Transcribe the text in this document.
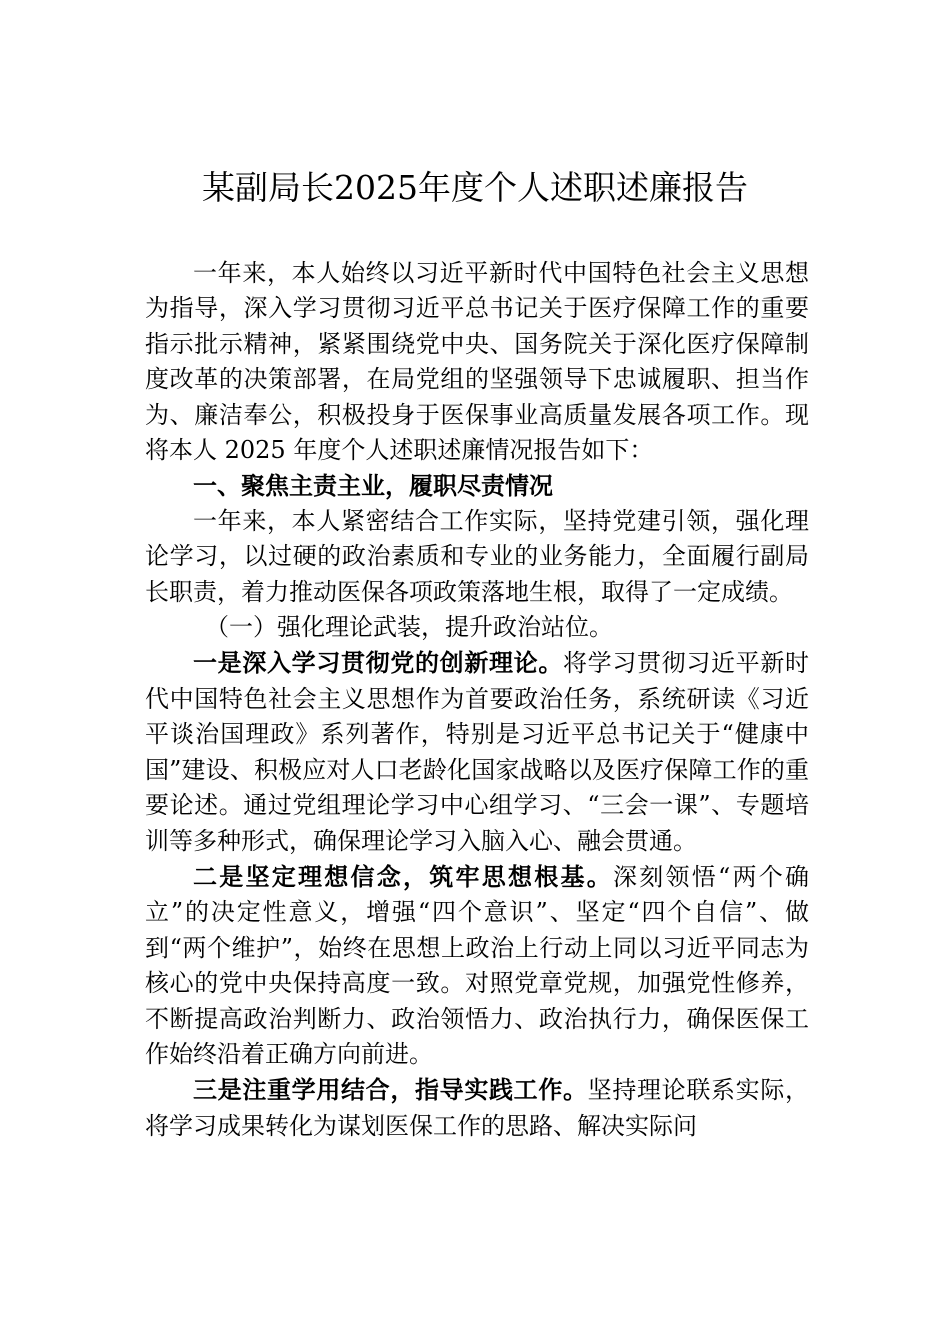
某副局长2025年度个人述职述廉报告

一年来，本人始终以习近平新时代中国特色社会主义思想为指导，深入学习贯彻习近平总书记关于医疗保障工作的重要指示批示精神，紧紧围绕党中央、国务院关于深化医疗保障制度改革的决策部署，在局党组的坚强领导下忠诚履职、担当作为、廉洁奉公，积极投身于医保事业高质量发展各项工作。现将本人 2025 年度个人述职述廉情况报告如下：

一、聚焦主责主业，履职尽责情况

一年来，本人紧密结合工作实际，坚持党建引领，强化理论学习，以过硬的政治素质和专业的业务能力，全面履行副局长职责，着力推动医保各项政策落地生根，取得了一定成绩。

（一）强化理论武装，提升政治站位。

一是深入学习贯彻党的创新理论。将学习贯彻习近平新时代中国特色社会主义思想作为首要政治任务，系统研读《习近平谈治国理政》系列著作，特别是习近平总书记关于“健康中国”建设、积极应对人口老龄化国家战略以及医疗保障工作的重要论述。通过党组理论学习中心组学习、“三会一课”、专题培训等多种形式，确保理论学习入脑入心、融会贯通。

二是坚定理想信念，筑牢思想根基。深刻领悟“两个确立”的决定性意义，增强“四个意识”、坚定“四个自信”、做到“两个维护”，始终在思想上政治上行动上同以习近平同志为核心的党中央保持高度一致。对照党章党规，加强党性修养，不断提高政治判断力、政治领悟力、政治执行力，确保医保工作始终沿着正确方向前进。

三是注重学用结合，指导实践工作。坚持理论联系实际，将学习成果转化为谋划医保工作的思路、解决实际问
